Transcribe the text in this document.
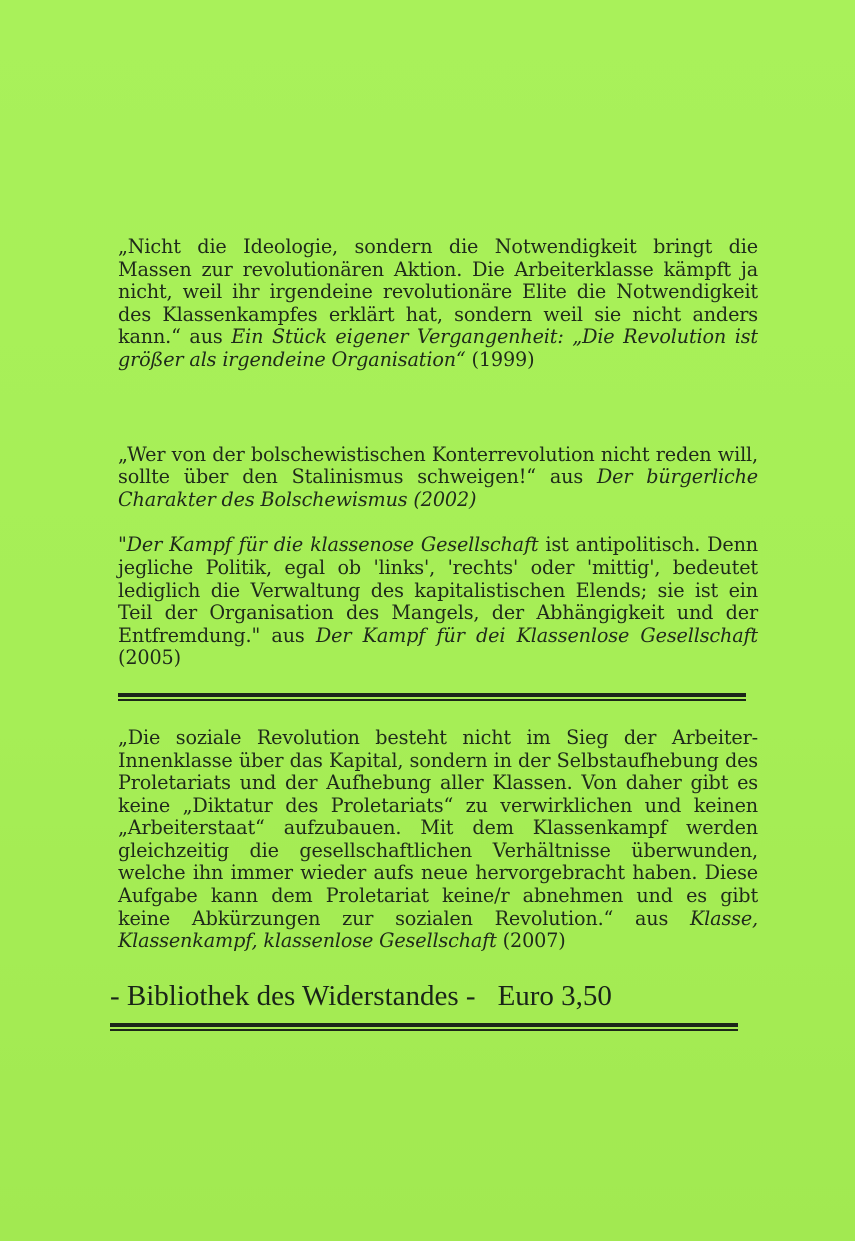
„Nicht die Ideologie, sondern die Notwendigkeit bringt die Massen zur revolutionären Aktion. Die Arbeiterklasse kämpft ja nicht, weil ihr irgendeine revolutionäre Elite die Notwendigkeit des Klassenkampfes erklärt hat, sondern weil sie nicht anders kann.“ aus Ein Stück eigener Vergangenheit: „Die Revolution ist größer als irgendeine Organisation“ (1999)

„Wer von der bolschewistischen Konterrevolution nicht reden will, sollte über den Stalinismus schweigen!“ aus Der bürgerliche Charakter des Bolschewismus (2002)

"Der Kampf für die klassenose Gesellschaft ist antipolitisch. Denn jegliche Politik, egal ob 'links', 'rechts' oder 'mittig', bedeutet lediglich die Verwaltung des kapitalistischen Elends; sie ist ein Teil der Organisation des Mangels, der Abhängigkeit und der Entfremdung." aus Der Kampf für dei Klassenlose Gesellschaft (2005)

„Die soziale Revolution besteht nicht im Sieg der Arbeiter-Innenklasse über das Kapital, sondern in der Selbstaufhebung des Proletariats und der Aufhebung aller Klassen. Von daher gibt es keine „Diktatur des Proletariats“ zu verwirklichen und keinen „Arbeiterstaat“ aufzubauen. Mit dem Klassenkampf werden gleichzeitig die gesellschaftlichen Verhältnisse überwunden, welche ihn immer wieder aufs neue hervorgebracht haben. Diese Aufgabe kann dem Proletariat keine/r abnehmen und es gibt keine Abkürzungen zur sozialen Revolution.“ aus Klasse, Klassenkampf, klassenlose Gesellschaft (2007)

- Bibliothek des Widerstandes - Euro 3,50
